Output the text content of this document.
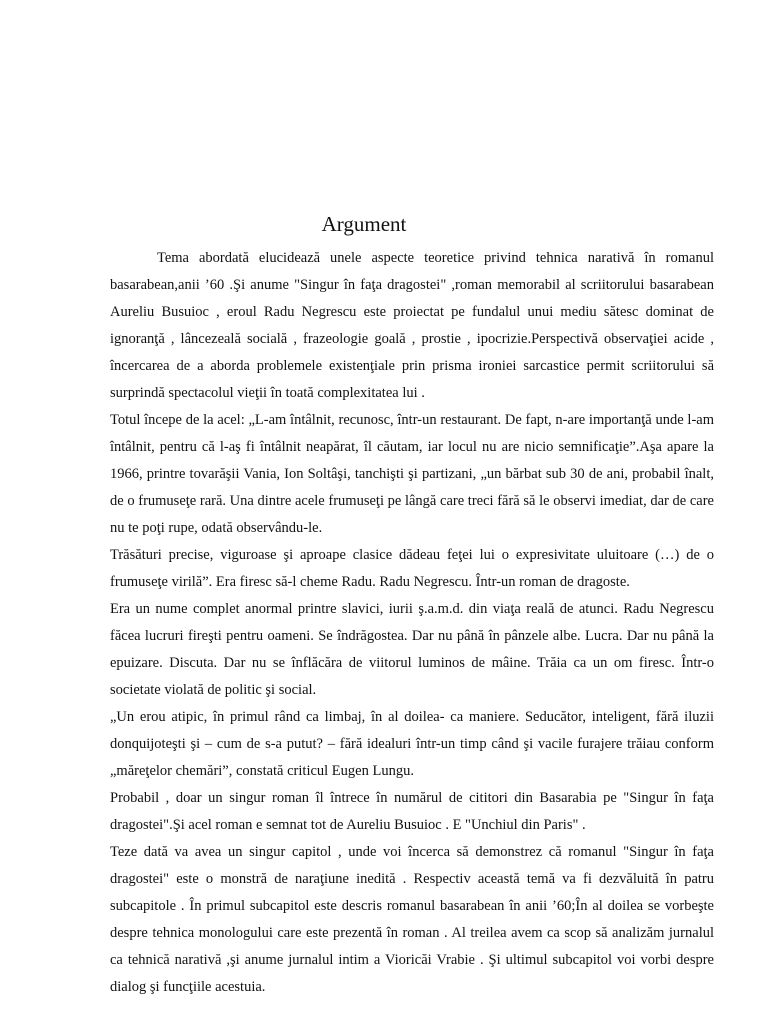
Argument

Tema abordată elucidează unele aspecte teoretice privind tehnica narativă în romanul basarabean,anii ’60 .Şi anume "Singur în faţa dragostei" ,roman memorabil al scriitorului basarabean Aureliu Busuioc , eroul Radu Negrescu este proiectat pe fundalul unui mediu sătesc dominat de ignoranţă , lâncezeală socială , frazeologie goală , prostie , ipocrizie.Perspectivă observaţiei acide , încercarea de a aborda problemele existenţiale prin prisma ironiei sarcastice permit scriitorului să surprindă spectacolul vieţii în toată complexitatea lui .

Totul începe de la acel: „L-am întâlnit, recunosc, într-un restaurant. De fapt, n-are importanţă unde l-am întâlnit, pentru că l-aş fi întâlnit neapărat, îl căutam, iar locul nu are nicio semnificaţie”.Aşa apare la 1966, printre tovarăşii Vania, Ion Soltâşi, tanchişti şi partizani, „un bărbat sub 30 de ani, probabil înalt, de o frumuseţe rară. Una dintre acele frumuseţi pe lângă care treci fără să le observi imediat, dar de care nu te poţi rupe, odată observându-le.

Trăsături precise, viguroase şi aproape clasice dădeau feţei lui o expresivitate uluitoare (…) de o frumuseţe virilă”. Era firesc să-l cheme Radu. Radu Negrescu. Într-un roman de dragoste.

Era un nume complet anormal printre slavici, iurii ş.a.m.d. din viaţa reală de atunci. Radu Negrescu făcea lucruri fireşti pentru oameni. Se îndrăgostea. Dar nu până în pânzele albe. Lucra. Dar nu până la epuizare. Discuta. Dar nu se înflăcăra de viitorul luminos de mâine. Trăia ca un om firesc. Într-o societate violată de politic şi social.

„Un erou atipic, în primul rând ca limbaj, în al doilea- ca maniere. Seducător, inteligent, fără iluzii donquijoteşti şi – cum de s-a putut? – fără idealuri într-un timp când şi vacile furajere trăiau conform „măreţelor chemări”, constată criticul Eugen Lungu.

Probabil , doar un singur roman îl întrece în numărul de cititori din Basarabia pe "Singur în faţa dragostei".Şi acel roman e semnat tot de Aureliu Busuioc . E "Unchiul din Paris" .

Teze dată va avea un singur capitol , unde voi încerca să demonstrez că romanul "Singur în faţa dragostei" este o monstră de naraţiune inedită . Respectiv această temă va fi dezvăluită în patru subcapitole . În primul subcapitol este descris romanul basarabean în anii ’60;În al doilea se vorbeşte despre tehnica monologului care este prezentă în roman . Al treilea avem ca scop să analizăm jurnalul ca tehnică narativă ,şi anume jurnalul intim a Vioricăi Vrabie . Şi ultimul subcapitol voi vorbi despre dialog şi funcţiile acestuia.
